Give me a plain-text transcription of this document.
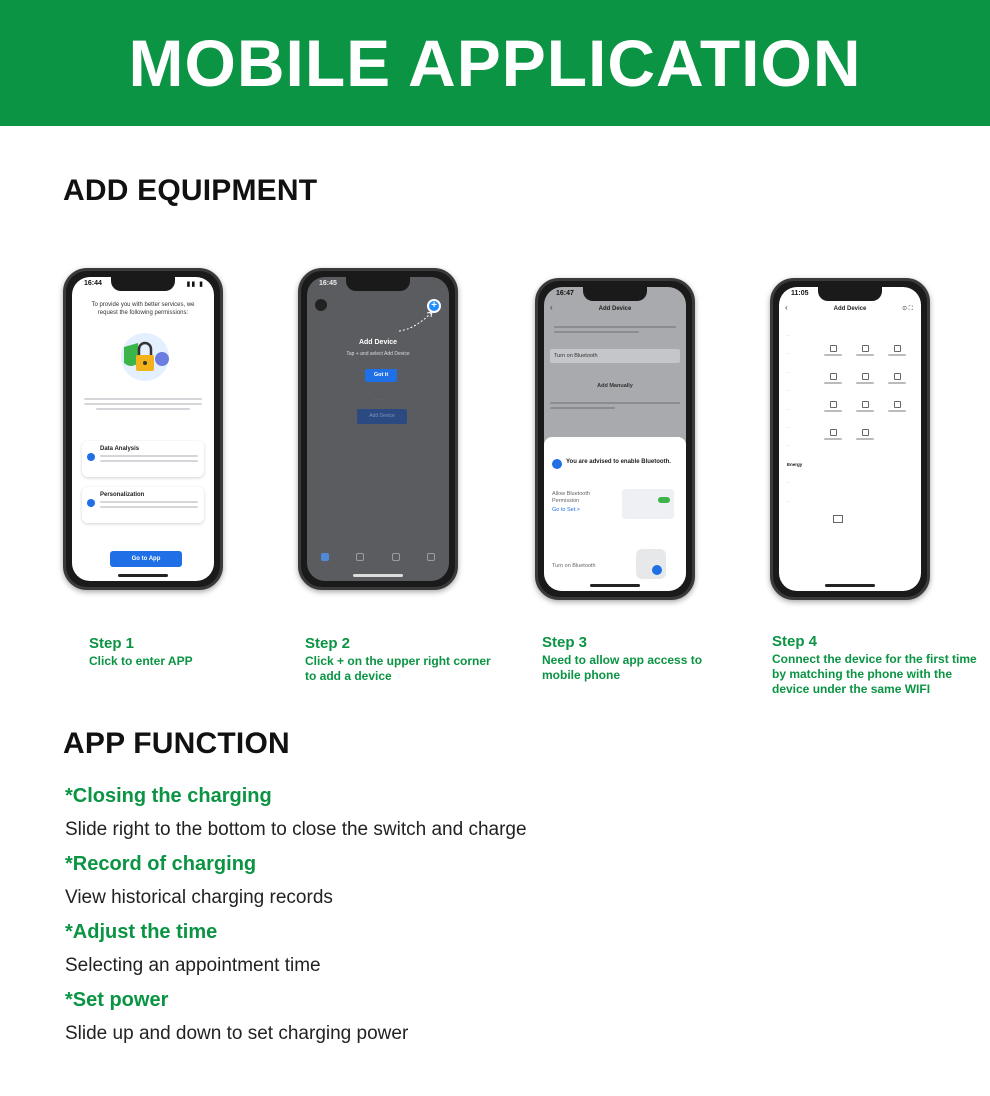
MOBILE APPLICATION
ADD EQUIPMENT
16:44	▮▮ ▮
To provide you with better services, we request the following permissions:
Data Analysis
Personalization
Go to App
16:45
+
Add Device
Tap + and select Add Device
Got it
· · ·
Add Device
16:47
Add Device
‹
Turn on Bluetooth
Add Manually
You are advised to enable Bluetooth.
Allow Bluetooth Permission
Go to Set >
Turn on Bluetooth
11:05
Add Device
‹	⊙ ⛶
··
··
··
··
··
··
··
Energy
··
··
Step 1
Click to enter APP
Step 2
Click + on the upper right corner to add a device
Step 3
Need to allow app access to mobile phone
Step 4
Connect the device for the first time by matching the phone with the device under the same WIFI
APP FUNCTION
*Closing the charging
Slide right to the bottom to close the switch and charge
*Record of charging
View historical charging records
*Adjust the time
Selecting an appointment time
*Set power
Slide up and down to set charging power
